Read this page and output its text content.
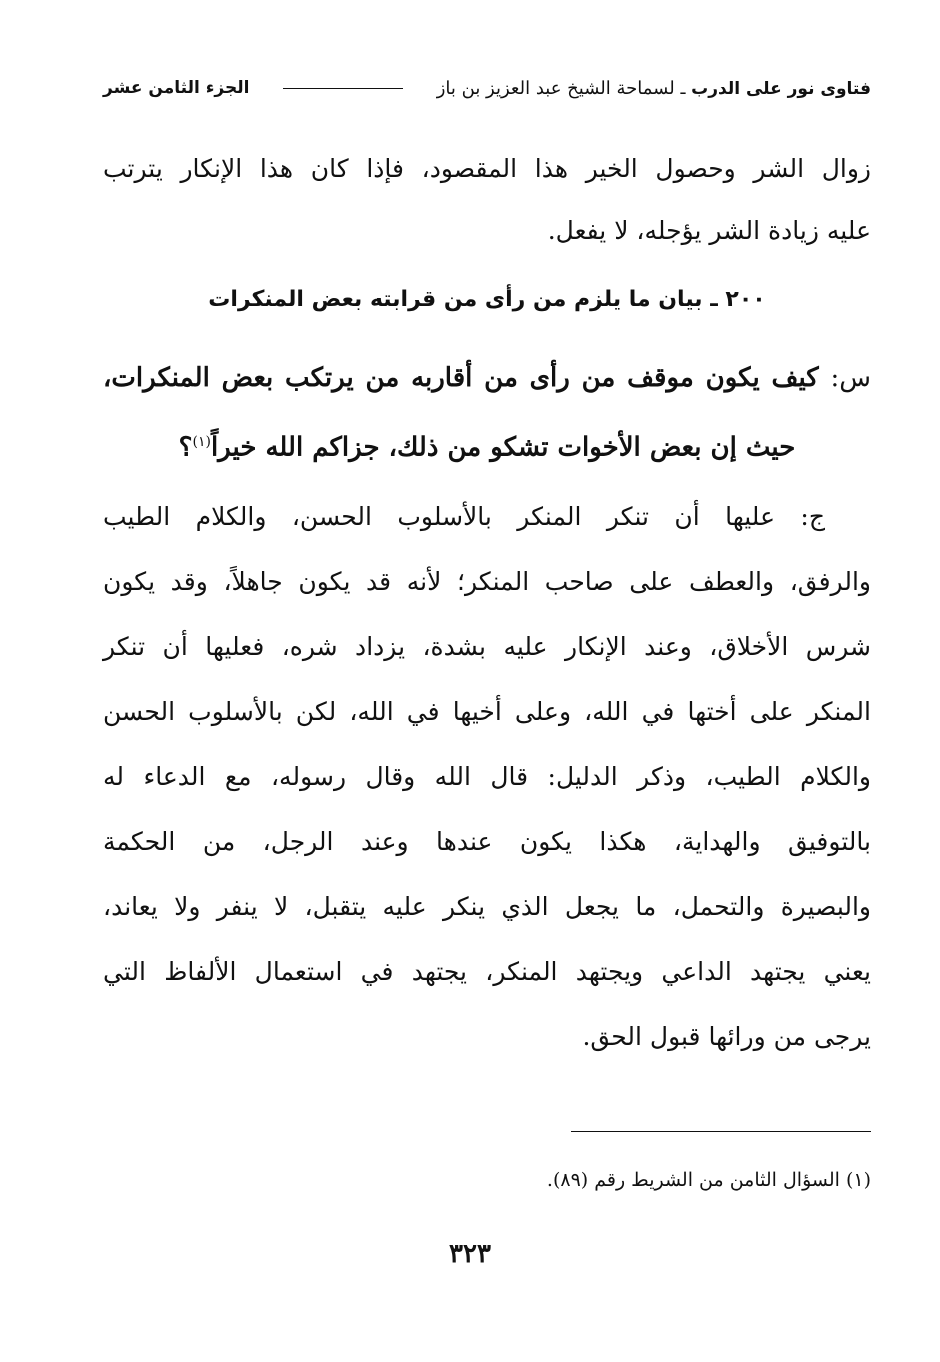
فتاوى نور على الدرب ـ لسماحة الشيخ عبد العزيز بن باز
الجزء الثامن عشر
زوال الشر وحصول الخير هذا المقصود، فإذا كان هذا الإنكار يترتب
عليه زيادة الشر يؤجله، لا يفعل.
٢٠٠ ـ بيان ما يلزم من رأى من قرابته بعض المنكرات
س: كيف يكون موقف من رأى من أقاربه من يرتكب بعض المنكرات،
حيث إن بعض الأخوات تشكو من ذلك، جزاكم الله خيراً$^{(١)}$؟
ج: عليها أن تنكر المنكر بالأسلوب الحسن، والكلام الطيب
والرفق، والعطف على صاحب المنكر؛ لأنه قد يكون جاهلاً، وقد يكون
شرس الأخلاق، وعند الإنكار عليه بشدة، يزداد شره، فعليها أن تنكر
المنكر على أختها في الله، وعلى أخيها في الله، لكن بالأسلوب الحسن
والكلام الطيب، وذكر الدليل: قال الله وقال رسوله، مع الدعاء له
بالتوفيق والهداية، هكذا يكون عندها وعند الرجل، من الحكمة
والبصيرة والتحمل، ما يجعل الذي ينكر عليه يتقبل، لا ينفر ولا يعاند،
يعني يجتهد الداعي ويجتهد المنكر، يجتهد في استعمال الألفاظ التي
يرجى من ورائها قبول الحق.
(١) السؤال الثامن من الشريط رقم (٨٩).
٣٢٣
